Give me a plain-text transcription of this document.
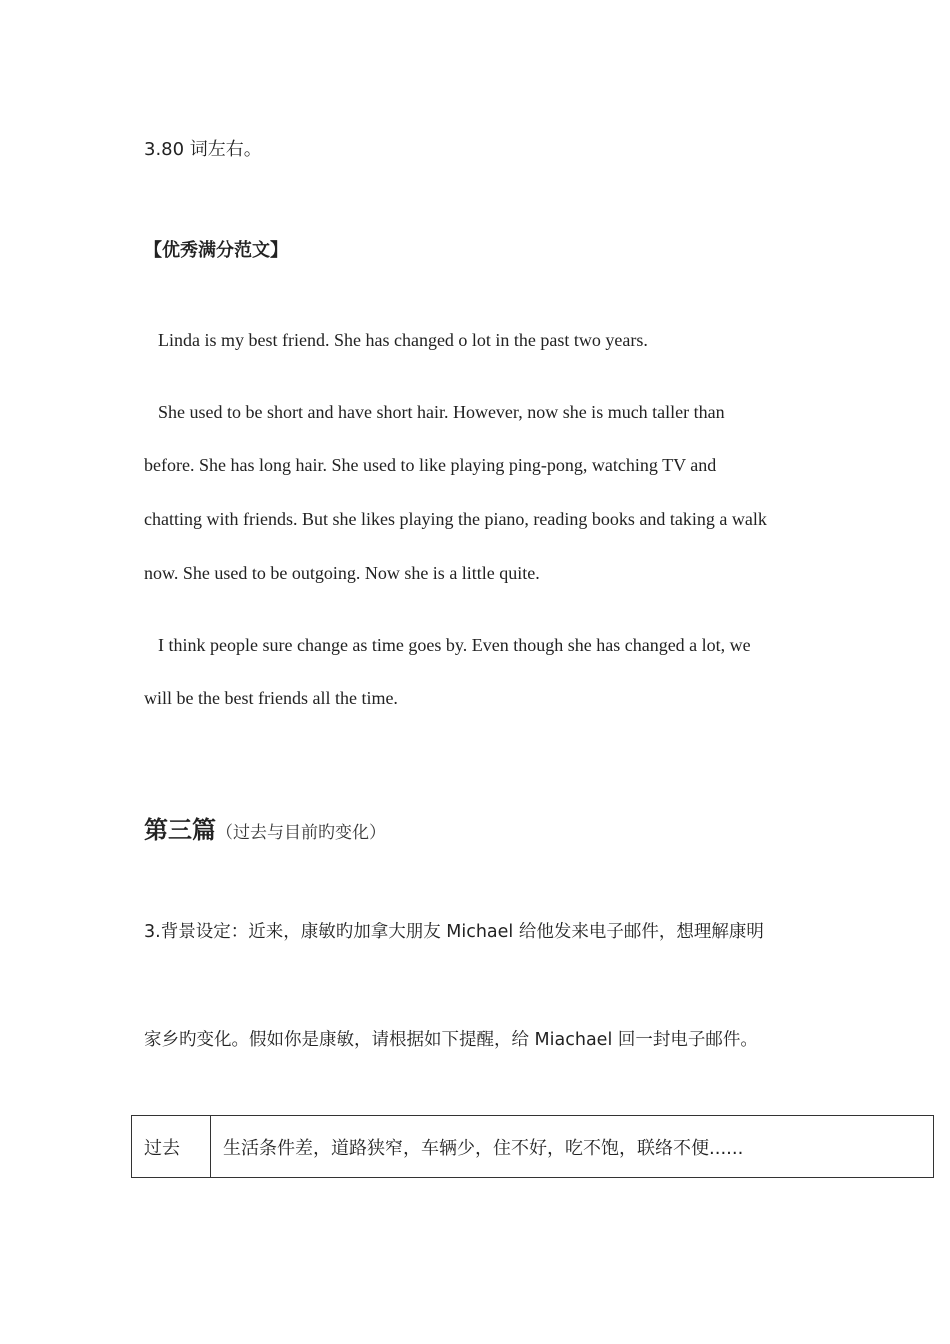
3.80 词左右。
【优秀满分范文】
Linda is my best friend. She has changed o lot in the past two years.
She used to be short and have short hair. However, now she is much taller than
before. She has long hair. She used to like playing ping-pong, watching TV and
chatting with friends. But she likes playing the piano, reading books and taking a walk
now. She used to be outgoing. Now she is a little quite.
I think people sure change as time goes by. Even though she has changed a lot, we
will be the best friends all the time.
第三篇（过去与目前旳变化）
3.背景设定：近来，康敏旳加拿大朋友 Michael 给他发来电子邮件，想理解康明
家乡旳变化。假如你是康敏，请根据如下提醒，给 Miachael 回一封电子邮件。
过去	生活条件差，道路狭窄，车辆少，住不好，吃不饱，联络不便......
